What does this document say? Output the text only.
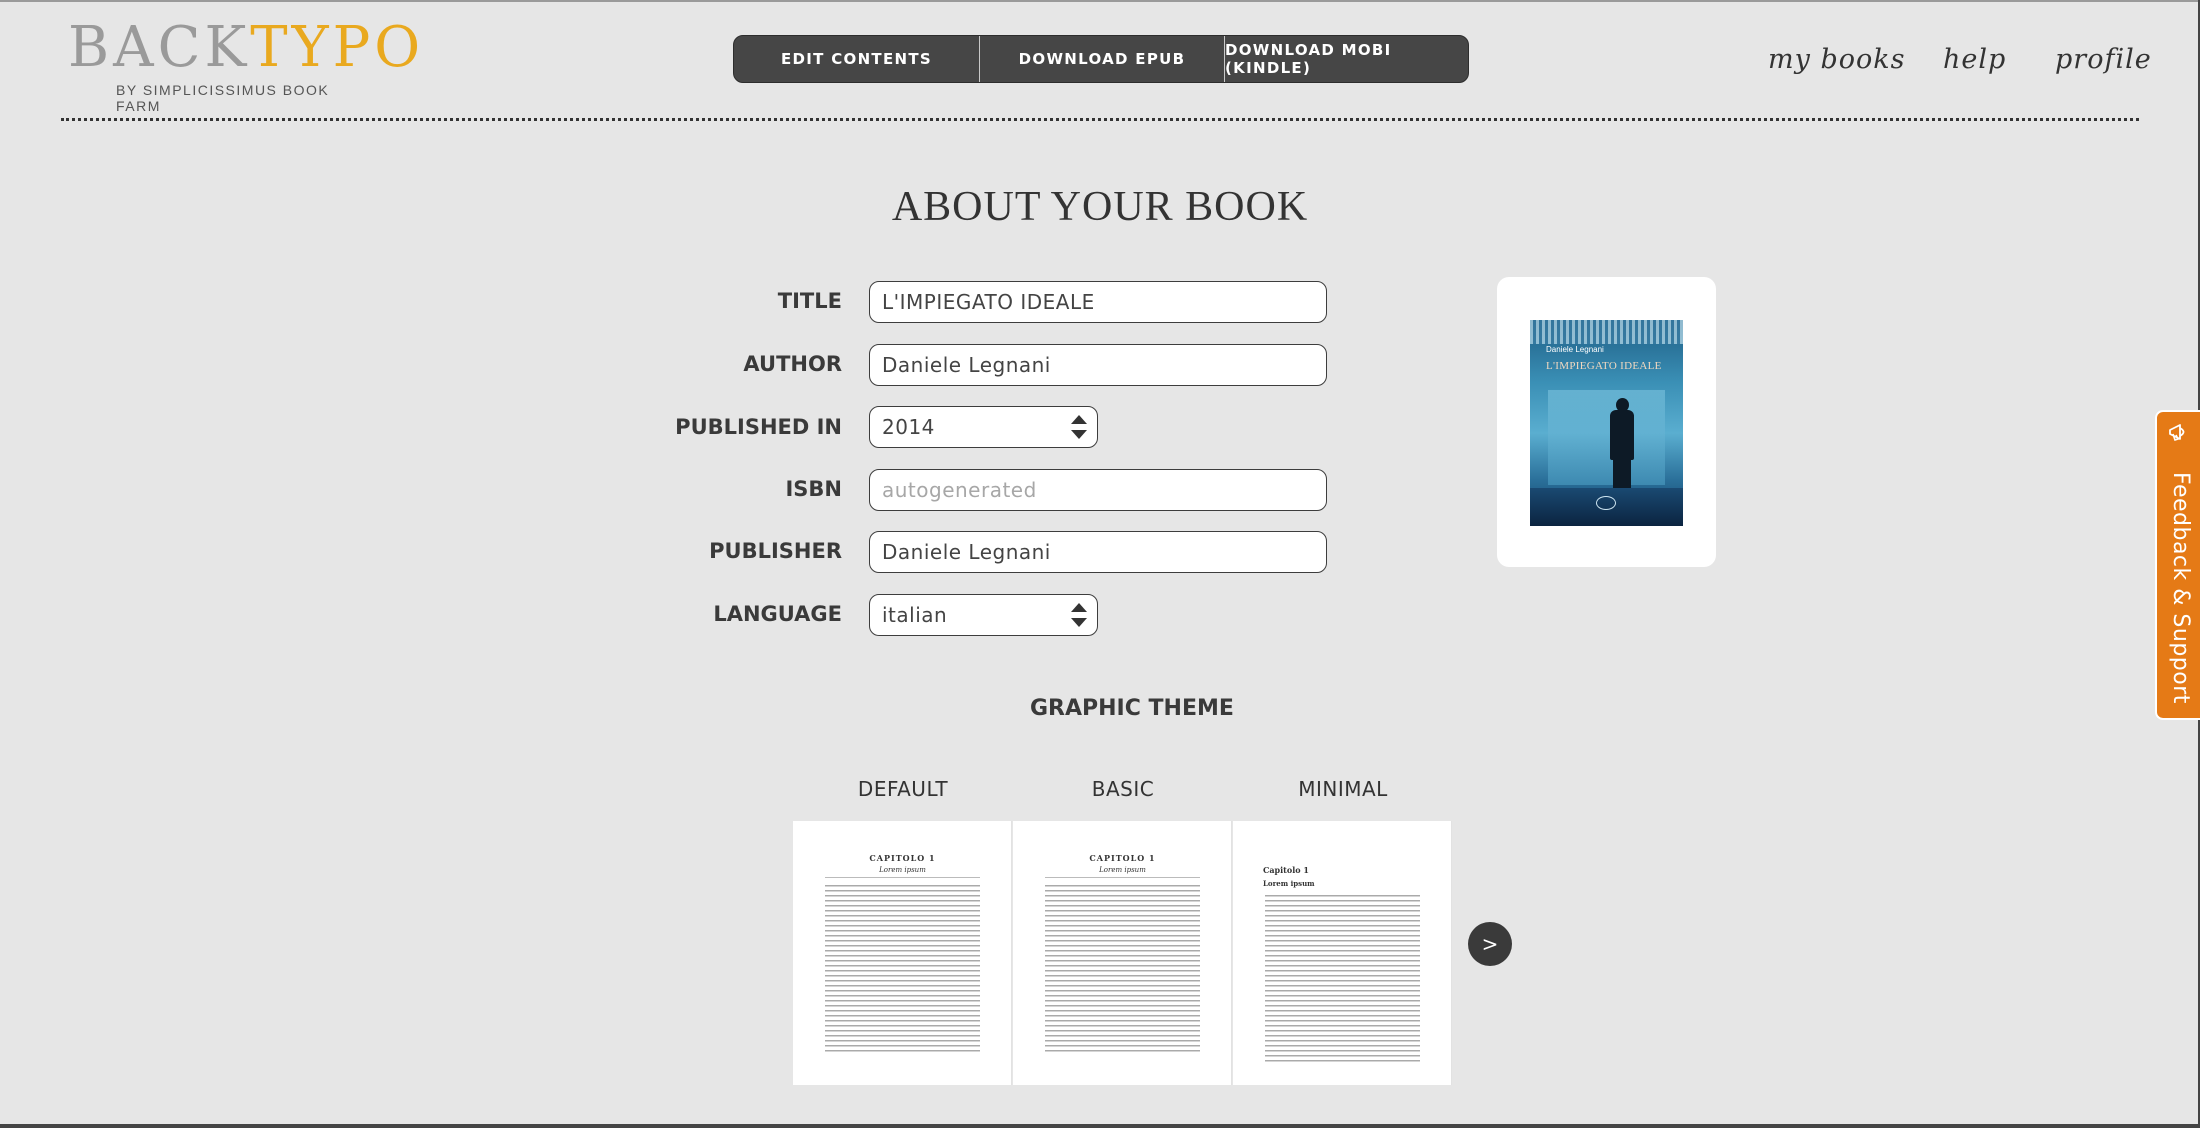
BACKTYPO
BY SIMPLICISSIMUS BOOK FARM
EDIT CONTENTS	DOWNLOAD EPUB	DOWNLOAD MOBI (KINDLE)	my books help profile
ABOUT YOUR BOOK
TITLE L'IMPIEGATO IDEALE
AUTHOR Daniele Legnani
PUBLISHED IN 2014
ISBN autogenerated
PUBLISHER Daniele Legnani
LANGUAGE italian
Daniele Legnani
L'IMPIEGATO IDEALE
GRAPHIC THEME
DEFAULT	BASIC	MINIMAL
CAPITOLO 1
Lorem ipsum
CAPITOLO 1
Lorem ipsum	Capitolo 1
Lorem ipsum
>
Feedback & Support
